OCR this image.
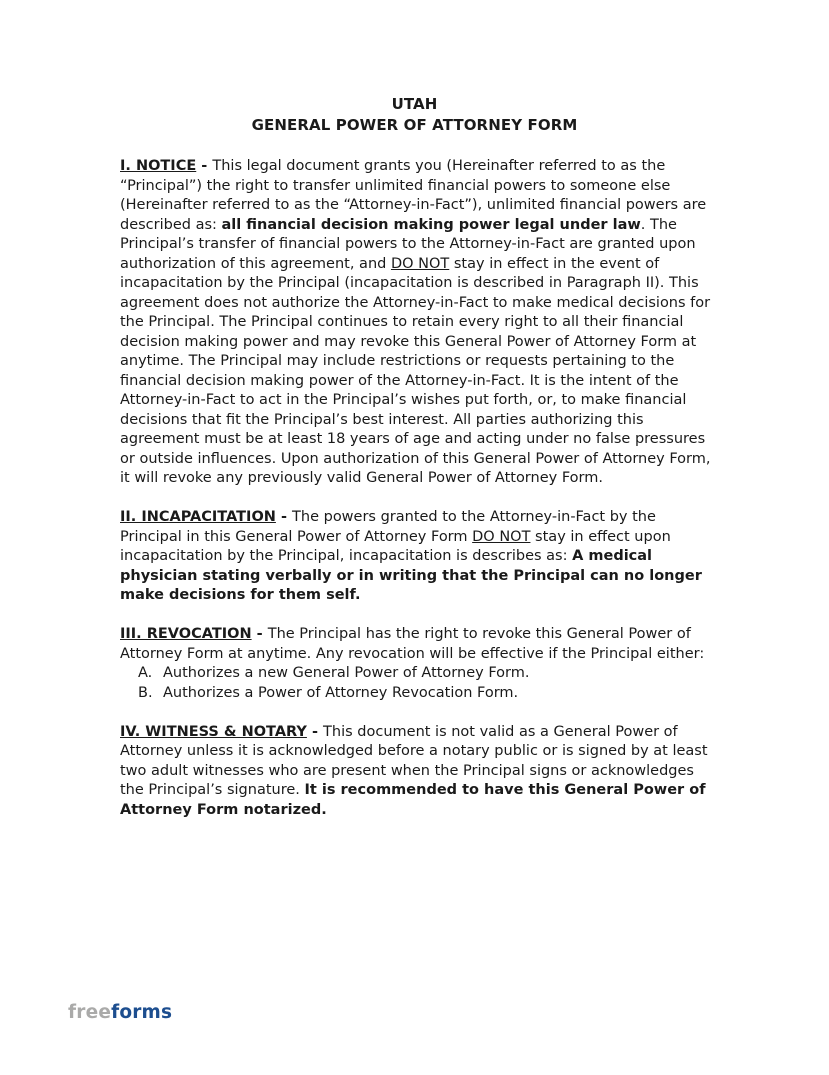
UTAH
GENERAL POWER OF ATTORNEY FORM

I. NOTICE - This legal document grants you (Hereinafter referred to as the “Principal”) the right to transfer unlimited financial powers to someone else (Hereinafter referred to as the “Attorney-in-Fact”), unlimited financial powers are described as: all financial decision making power legal under law. The Principal’s transfer of financial powers to the Attorney-in-Fact are granted upon authorization of this agreement, and DO NOT stay in effect in the event of incapacitation by the Principal (incapacitation is described in Paragraph II). This agreement does not authorize the Attorney-in-Fact to make medical decisions for the Principal. The Principal continues to retain every right to all their financial decision making power and may revoke this General Power of Attorney Form at anytime. The Principal may include restrictions or requests pertaining to the financial decision making power of the Attorney-in-Fact. It is the intent of the Attorney-in-Fact to act in the Principal’s wishes put forth, or, to make financial decisions that fit the Principal’s best interest. All parties authorizing this agreement must be at least 18 years of age and acting under no false pressures or outside influences. Upon authorization of this General Power of Attorney Form, it will revoke any previously valid General Power of Attorney Form.

II. INCAPACITATION - The powers granted to the Attorney-in-Fact by the Principal in this General Power of Attorney Form DO NOT stay in effect upon incapacitation by the Principal, incapacitation is describes as: A medical physician stating verbally or in writing that the Principal can no longer make decisions for them self.

III. REVOCATION - The Principal has the right to revoke this General Power of Attorney Form at anytime. Any revocation will be effective if the Principal either:

A. Authorizes a new General Power of Attorney Form.
B. Authorizes a Power of Attorney Revocation Form.

IV. WITNESS & NOTARY - This document is not valid as a General Power of Attorney unless it is acknowledged before a notary public or is signed by at least two adult witnesses who are present when the Principal signs or acknowledges the Principal’s signature. It is recommended to have this General Power of Attorney Form notarized.

freeforms
